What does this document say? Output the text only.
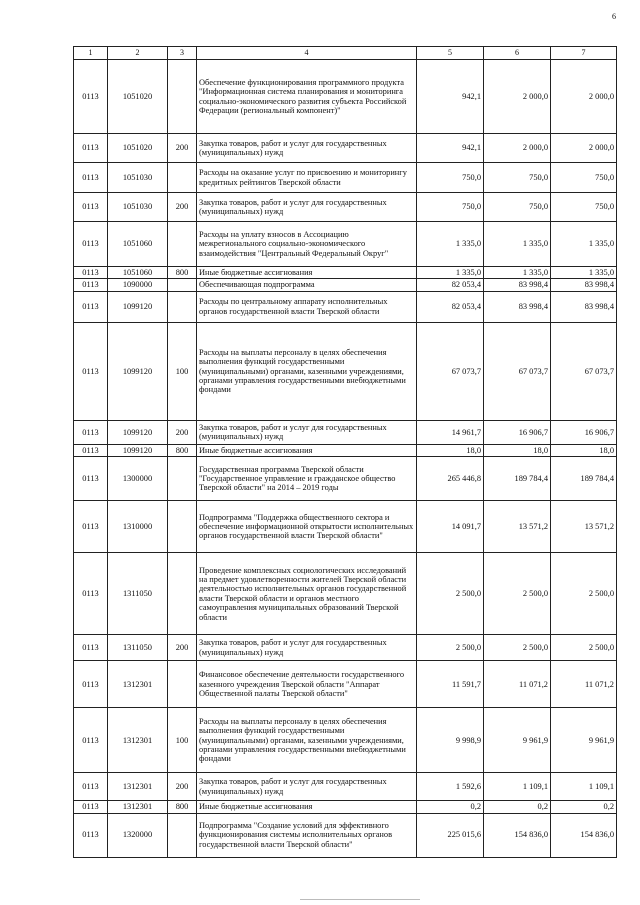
6
1	2	3	4	5	6	7
0113	1051020		Обеспечение функционирования программного продукта "Информационная система планирования и мониторинга социально-экономического развития субъекта Российской Федерации (региональный компонент)"	942,1	2 000,0	2 000,0
0113	1051020	200	Закупка товаров, работ и услуг для государственных (муниципальных) нужд	942,1	2 000,0	2 000,0
0113	1051030		Расходы на оказание услуг по присвоению и мониторингу кредитных рейтингов Тверской области	750,0	750,0	750,0
0113	1051030	200	Закупка товаров, работ и услуг для государственных (муниципальных) нужд	750,0	750,0	750,0
0113	1051060		Расходы на уплату взносов в Ассоциацию межрегионального социально-экономического взаимодействия "Центральный Федеральный Округ"	1 335,0	1 335,0	1 335,0
0113	1051060	800	Иные бюджетные ассигнования	1 335,0	1 335,0	1 335,0
0113	1090000		Обеспечивающая подпрограмма	82 053,4	83 998,4	83 998,4
0113	1099120		Расходы по центральному аппарату исполнительных органов государственной власти Тверской области	82 053,4	83 998,4	83 998,4
0113	1099120	100	Расходы на выплаты персоналу в целях обеспечения выполнения функций государственными (муниципальными) органами, казенными учреждениями, органами управления государственными внебюджетными фондами	67 073,7	67 073,7	67 073,7
0113	1099120	200	Закупка товаров, работ и услуг для государственных (муниципальных) нужд	14 961,7	16 906,7	16 906,7
0113	1099120	800	Иные бюджетные ассигнования	18,0	18,0	18,0
0113	1300000		Государственная программа Тверской области "Государственное управление и гражданское общество Тверской области" на 2014 – 2019 годы	265 446,8	189 784,4	189 784,4
0113	1310000		Подпрограмма "Поддержка общественного сектора и обеспечение информационной открытости исполнительных органов государственной власти Тверской области"	14 091,7	13 571,2	13 571,2
0113	1311050		Проведение комплексных социологических исследований на предмет удовлетворенности жителей Тверской области деятельностью исполнительных органов государственной власти Тверской области и органов местного самоуправления муниципальных образований Тверской области	2 500,0	2 500,0	2 500,0
0113	1311050	200	Закупка товаров, работ и услуг для государственных (муниципальных) нужд	2 500,0	2 500,0	2 500,0
0113	1312301		Финансовое обеспечение деятельности государственного казенного учреждения Тверской области "Аппарат Общественной палаты Тверской области"	11 591,7	11 071,2	11 071,2
0113	1312301	100	Расходы на выплаты персоналу в целях обеспечения выполнения функций государственными (муниципальными) органами, казенными учреждениями, органами управления государственными внебюджетными фондами	9 998,9	9 961,9	9 961,9
0113	1312301	200	Закупка товаров, работ и услуг для государственных (муниципальных) нужд	1 592,6	1 109,1	1 109,1
0113	1312301	800	Иные бюджетные ассигнования	0,2	0,2	0,2
0113	1320000		Подпрограмма "Создание условий для эффективного функционирования системы исполнительных органов государственной власти Тверской области"	225 015,6	154 836,0	154 836,0
